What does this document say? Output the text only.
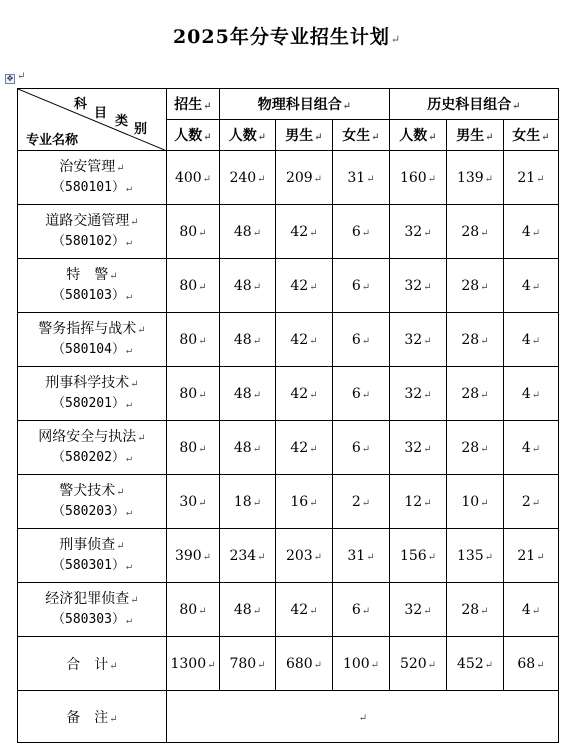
2025年分专业招生计划↵
✥ ↵
科
目
类
别
专业名称	招生↵	物理科目组合↵			历史科目组合↵		
	人数↵	人数↵	男生↵	女生↵	人数↵	男生↵	女生↵

治安管理↵
（580101）↵	400↵	240↵	209↵	31↵	160↵	139↵	21↵

道路交通管理↵
（580102）↵	80↵	48↵	42↵	6↵	32↵	28↵	4↵

特　警↵
（580103）↵	80↵	48↵	42↵	6↵	32↵	28↵	4↵

警务指挥与战术↵
（580104）↵	80↵	48↵	42↵	6↵	32↵	28↵	4↵

刑事科学技术↵
（580201）↵	80↵	48↵	42↵	6↵	32↵	28↵	4↵

网络安全与执法↵
（580202）↵	80↵	48↵	42↵	6↵	32↵	28↵	4↵

警犬技术↵
（580203）↵	30↵	18↵	16↵	2↵	12↵	10↵	2↵

刑事侦查↵
（580301）↵	390↵	234↵	203↵	31↵	156↵	135↵	21↵

经济犯罪侦查↵
（580303）↵	80↵	48↵	42↵	6↵	32↵	28↵	4↵
合　计↵	1300↵	780↵	680↵	100↵	520↵	452↵	68↵
备　注↵	↵						
